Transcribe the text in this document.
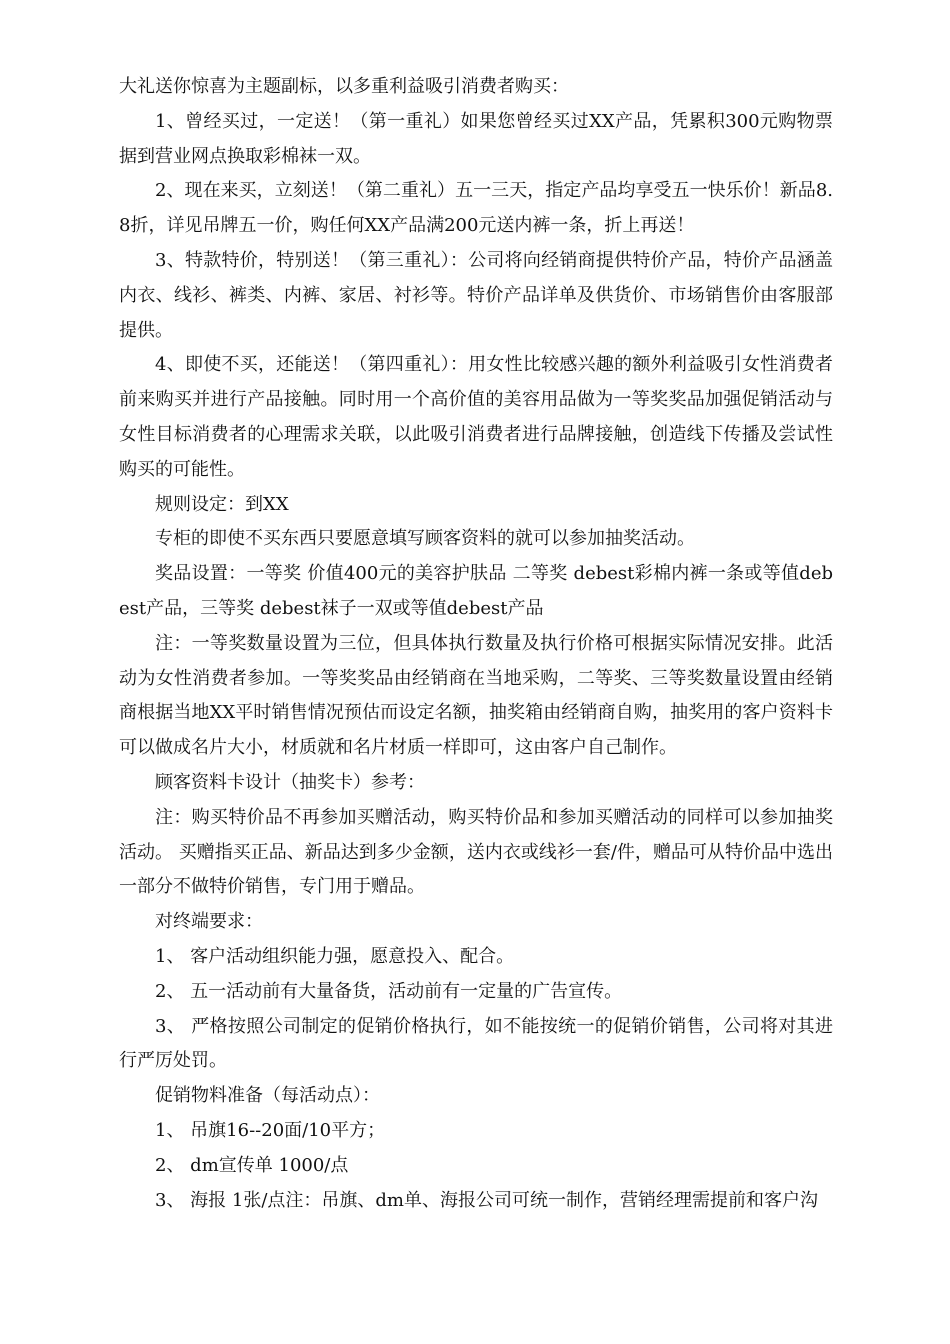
大礼送你惊喜为主题副标，以多重利益吸引消费者购买：

1、曾经买过，一定送！（第一重礼）如果您曾经买过XX产品，凭累积300元购物票据到营业网点换取彩棉袜一双。

2、现在来买，立刻送！（第二重礼）五一三天，指定产品均享受五一快乐价！新品8.8折，详见吊牌五一价，购任何XX产品满200元送内裤一条，折上再送！

3、特款特价，特别送！（第三重礼）：公司将向经销商提供特价产品，特价产品涵盖内衣、线衫、裤类、内裤、家居、衬衫等。特价产品详单及供货价、市场销售价由客服部提供。

4、即使不买，还能送！（第四重礼）：用女性比较感兴趣的额外利益吸引女性消费者前来购买并进行产品接触。同时用一个高价值的美容用品做为一等奖奖品加强促销活动与女性目标消费者的心理需求关联，以此吸引消费者进行品牌接触，创造线下传播及尝试性购买的可能性。

规则设定：到XX

专柜的即使不买东西只要愿意填写顾客资料的就可以参加抽奖活动。

奖品设置：一等奖 价值400元的美容护肤品 二等奖 debest彩棉内裤一条或等值debest产品，三等奖 debest袜子一双或等值debest产品

注：一等奖数量设置为三位，但具体执行数量及执行价格可根据实际情况安排。此活动为女性消费者参加。一等奖奖品由经销商在当地采购，二等奖、三等奖数量设置由经销商根据当地XX平时销售情况预估而设定名额，抽奖箱由经销商自购，抽奖用的客户资料卡可以做成名片大小，材质就和名片材质一样即可，这由客户自己制作。

顾客资料卡设计（抽奖卡）参考：

注：购买特价品不再参加买赠活动，购买特价品和参加买赠活动的同样可以参加抽奖活动。 买赠指买正品、新品达到多少金额，送内衣或线衫一套/件，赠品可从特价品中选出一部分不做特价销售，专门用于赠品。

对终端要求：

1、 客户活动组织能力强，愿意投入、配合。

2、 五一活动前有大量备货，活动前有一定量的广告宣传。

3、 严格按照公司制定的促销价格执行，如不能按统一的促销价销售，公司将对其进行严厉处罚。

促销物料准备（每活动点）：

1、 吊旗16--20面/10平方；

2、 dm宣传单 1000/点

3、 海报 1张/点注：吊旗、dm单、海报公司可统一制作，营销经理需提前和客户沟
